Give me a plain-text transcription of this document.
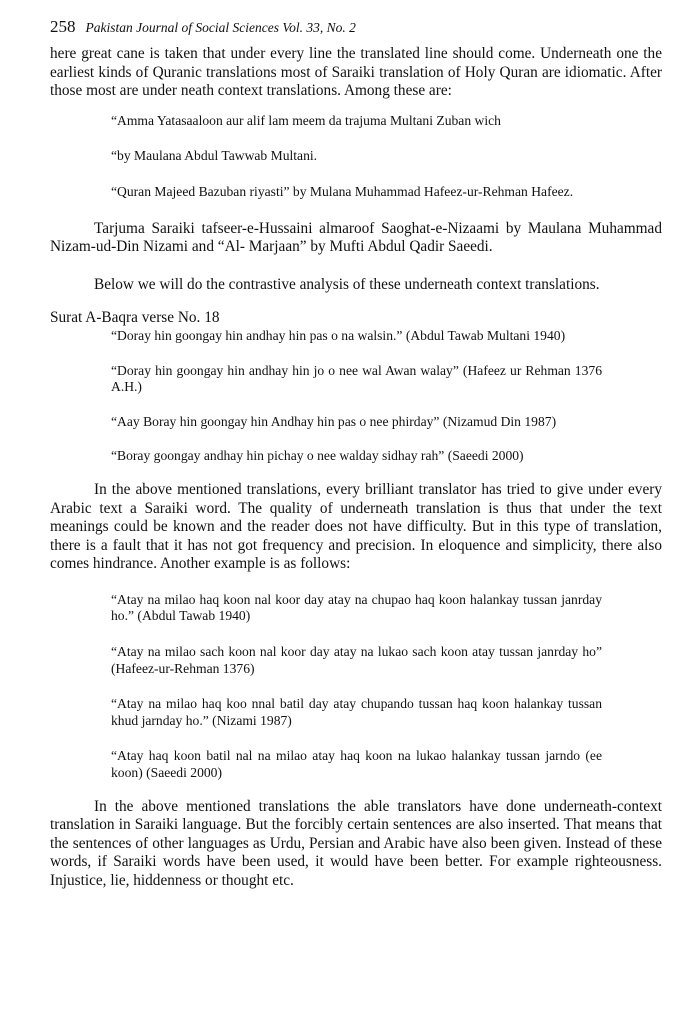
258 Pakistan Journal of Social Sciences Vol. 33, No. 2

here great cane is taken that under every line the translated line should come. Underneath one the earliest kinds of Quranic translations most of Saraiki translation of Holy Quran are idiomatic. After those most are under neath context translations. Among these are:

“Amma Yatasaaloon aur alif lam meem da trajuma Multani Zuban wich

“by Maulana Abdul Tawwab Multani.

“Quran Majeed Bazuban riyasti” by Mulana Muhammad Hafeez-ur-Rehman Hafeez.

Tarjuma Saraiki tafseer-e-Hussaini almaroof Saoghat-e-Nizaami by Maulana Muhammad Nizam-ud-Din Nizami and “Al- Marjaan” by Mufti Abdul Qadir Saeedi.

Below we will do the contrastive analysis of these underneath context translations.

Surat A-Baqra verse No. 18

“Doray hin goongay hin andhay hin pas o na walsin.” (Abdul Tawab Multani 1940)

“Doray hin goongay hin andhay hin jo o nee wal Awan walay” (Hafeez ur Rehman 1376 A.H.)

“Aay Boray hin goongay hin Andhay hin pas o nee phirday” (Nizamud Din 1987)

“Boray goongay andhay hin pichay o nee walday sidhay rah” (Saeedi 2000)

In the above mentioned translations, every brilliant translator has tried to give under every Arabic text a Saraiki word. The quality of underneath translation is thus that under the text meanings could be known and the reader does not have difficulty. But in this type of translation, there is a fault that it has not got frequency and precision. In eloquence and simplicity, there also comes hindrance. Another example is as follows:

“Atay na milao haq koon nal koor day atay na chupao haq koon halankay tussan janrday ho.” (Abdul Tawab 1940)

“Atay na milao sach koon nal koor day atay na lukao sach koon atay tussan janrday ho” (Hafeez-ur-Rehman 1376)

“Atay na milao haq koo nnal batil day atay chupando tussan haq koon halankay tussan khud jarnday ho.” (Nizami 1987)

“Atay haq koon batil nal na milao atay haq koon na lukao halankay tussan jarndo (ee koon) (Saeedi 2000)

In the above mentioned translations the able translators have done underneath-context translation in Saraiki language. But the forcibly certain sentences are also inserted. That means that the sentences of other languages as Urdu, Persian and Arabic have also been given. Instead of these words, if Saraiki words have been used, it would have been better. For example righteousness. Injustice, lie, hiddenness or thought etc.
